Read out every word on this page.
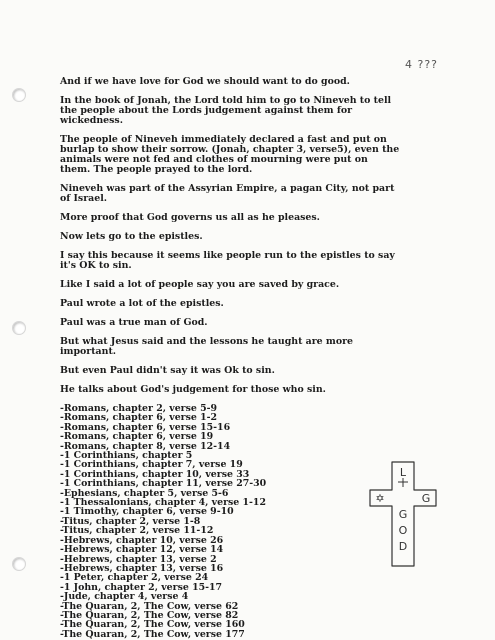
4 ???

And if we have love for God we should want to do good.

In the book of Jonah, the Lord told him to go to Nineveh to tell the people about the Lords judgement against them for wickedness.

The people of Nineveh immediately declared a fast and put on burlap to show their sorrow. (Jonah, chapter 3, verse5), even the animals were not fed and clothes of mourning were put on them. The people prayed to the lord.

Nineveh was part of the Assyrian Empire, a pagan City, not part of Israel.

More proof that God governs us all as he pleases.

Now lets go to the epistles.

I say this because it seems like people run to the epistles to say it's OK to sin.

Like I said a lot of people say you are saved by grace.

Paul wrote a lot of the epistles.

Paul was a true man of God.

But what Jesus said and the lessons he taught are more important.

But even Paul didn't say it was Ok to sin.

He talks about God's judgement for those who sin.

-Romans, chapter 2, verse 5-9
-Romans, chapter 6, verse 1-2
-Romans, chapter 6, verse 15-16
-Romans, chapter 6, verse 19
-Romans, chapter 8, verse 12-14
-1 Corinthians, chapter 5
-1 Corinthians, chapter 7, verse 19
-1 Corinthians, chapter 10, verse 33
-1 Corinthians, chapter 11, verse 27-30
-Ephesians, chapter 5, verse 5-6
-1 Thessalonians, chapter 4, verse 1-12
-1 Timothy, chapter 6, verse 9-10
-Titus, chapter 2, verse 1-8
-Titus, chapter 2, verse 11-12
-Hebrews, chapter 10, verse 26
-Hebrews, chapter 12, verse 14
-Hebrews, chapter 13, verse 2
-Hebrews, chapter 13, verse 16
-1 Peter, chapter 2, verse 24
-1 John, chapter 2, verse 15-17
-Jude, chapter 4, verse 4
-The Quaran, 2, The Cow, verse 62
-The Quaran, 2, The Cow, verse 82
-The Quaran, 2, The Cow, verse 160
-The Quaran, 2, The Cow, verse 177
L
G
✡
G
O
D
